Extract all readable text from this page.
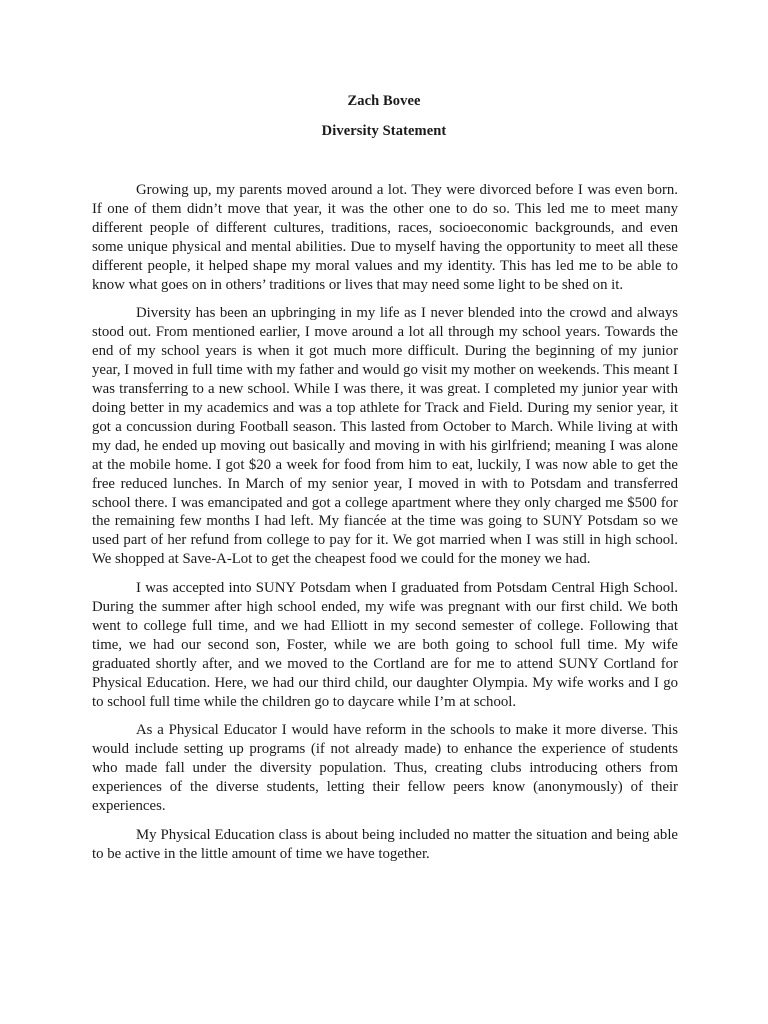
Zach Bovee
Diversity Statement

Growing up, my parents moved around a lot. They were divorced before I was even born. If one of them didn’t move that year, it was the other one to do so. This led me to meet many different people of different cultures, traditions, races, socioeconomic backgrounds, and even some unique physical and mental abilities. Due to myself having the opportunity to meet all these different people, it helped shape my moral values and my identity. This has led me to be able to know what goes on in others’ traditions or lives that may need some light to be shed on it.

Diversity has been an upbringing in my life as I never blended into the crowd and always stood out. From mentioned earlier, I move around a lot all through my school years. Towards the end of my school years is when it got much more difficult. During the beginning of my junior year, I moved in full time with my father and would go visit my mother on weekends. This meant I was transferring to a new school. While I was there, it was great. I completed my junior year with doing better in my academics and was a top athlete for Track and Field. During my senior year, it got a concussion during Football season. This lasted from October to March. While living at with my dad, he ended up moving out basically and moving in with his girlfriend; meaning I was alone at the mobile home. I got $20 a week for food from him to eat, luckily, I was now able to get the free reduced lunches. In March of my senior year, I moved in with to Potsdam and transferred school there. I was emancipated and got a college apartment where they only charged me $500 for the remaining few months I had left. My fiancée at the time was going to SUNY Potsdam so we used part of her refund from college to pay for it. We got married when I was still in high school. We shopped at Save-A-Lot to get the cheapest food we could for the money we had.

I was accepted into SUNY Potsdam when I graduated from Potsdam Central High School. During the summer after high school ended, my wife was pregnant with our first child. We both went to college full time, and we had Elliott in my second semester of college. Following that time, we had our second son, Foster, while we are both going to school full time. My wife graduated shortly after, and we moved to the Cortland are for me to attend SUNY Cortland for Physical Education. Here, we had our third child, our daughter Olympia. My wife works and I go to school full time while the children go to daycare while I’m at school.

As a Physical Educator I would have reform in the schools to make it more diverse. This would include setting up programs (if not already made) to enhance the experience of students who made fall under the diversity population. Thus, creating clubs introducing others from experiences of the diverse students, letting their fellow peers know (anonymously) of their experiences.

My Physical Education class is about being included no matter the situation and being able to be active in the little amount of time we have together.
